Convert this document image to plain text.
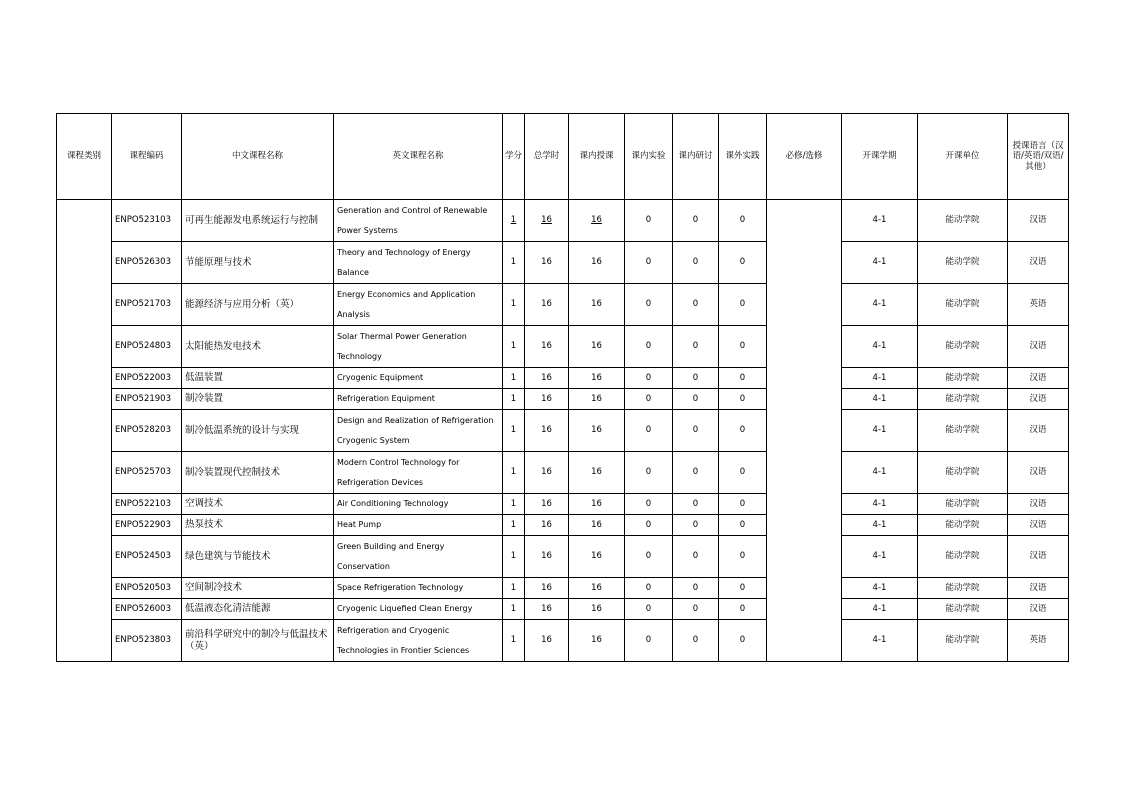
课程类别	课程编码	中文课程名称	英文课程名称	学分	总学时	课内授课	课内实验	课内研讨	课外实践	必修/选修	开课学期	开课单位	授课语言（汉语/英语/双语/其他）
	ENPO523103	可再生能源发电系统运行与控制	Generation and Control of Renewable Power Systems	1	16	16	0	0	0		4-1	能动学院	汉语
	ENPO526303	节能原理与技术	Theory and Technology of Energy Balance	1	16	16	0	0	0		4-1	能动学院	汉语
	ENPO521703	能源经济与应用分析（英）	Energy Economics and Application Analysis	1	16	16	0	0	0		4-1	能动学院	英语
	ENPO524803	太阳能热发电技术	Solar Thermal Power Generation Technology	1	16	16	0	0	0		4-1	能动学院	汉语
	ENPO522003	低温装置	Cryogenic Equipment	1	16	16	0	0	0		4-1	能动学院	汉语
	ENPO521903	制冷装置	Refrigeration Equipment	1	16	16	0	0	0		4-1	能动学院	汉语
	ENPO528203	制冷低温系统的设计与实现	Design and Realization of Refrigeration Cryogenic System	1	16	16	0	0	0		4-1	能动学院	汉语
	ENPO525703	制冷装置现代控制技术	Modern Control Technology for Refrigeration Devices	1	16	16	0	0	0		4-1	能动学院	汉语
	ENPO522103	空调技术	Air Conditioning Technology	1	16	16	0	0	0		4-1	能动学院	汉语
	ENPO522903	热泵技术	Heat Pump	1	16	16	0	0	0		4-1	能动学院	汉语
	ENPO524503	绿色建筑与节能技术	Green Building and Energy Conservation	1	16	16	0	0	0		4-1	能动学院	汉语
	ENPO520503	空间制冷技术	Space Refrigeration Technology	1	16	16	0	0	0		4-1	能动学院	汉语
	ENPO526003	低温液态化清洁能源	Cryogenic Liquefied Clean Energy	1	16	16	0	0	0		4-1	能动学院	汉语
	ENPO523803	前沿科学研究中的制冷与低温技术（英）	Refrigeration and Cryogenic Technologies in Frontier Sciences	1	16	16	0	0	0		4-1	能动学院	英语
